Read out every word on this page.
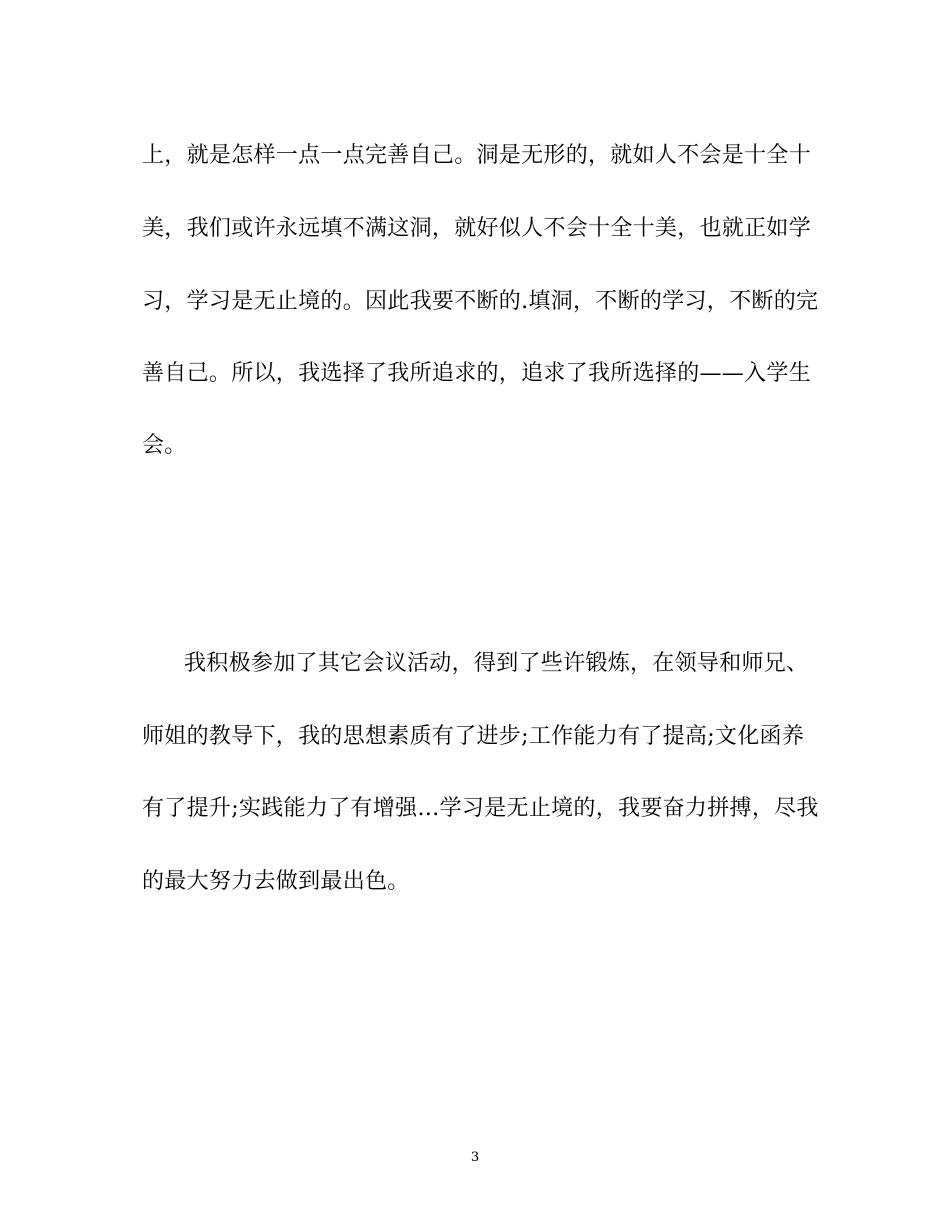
上，就是怎样一点一点完善自己。洞是无形的，就如人不会是十全十
美，我们或许永远填不满这洞，就好似人不会十全十美，也就正如学
习，学习是无止境的。因此我要不断的.填洞，不断的学习，不断的完
善自己。所以，我选择了我所追求的，追求了我所选择的——入学生
会。
我积极参加了其它会议活动，得到了些许锻炼，在领导和师兄、
师姐的教导下，我的思想素质有了进步;工作能力有了提高;文化函养
有了提升;实践能力了有增强…学习是无止境的，我要奋力拼搏，尽我
的最大努力去做到最出色。
3
